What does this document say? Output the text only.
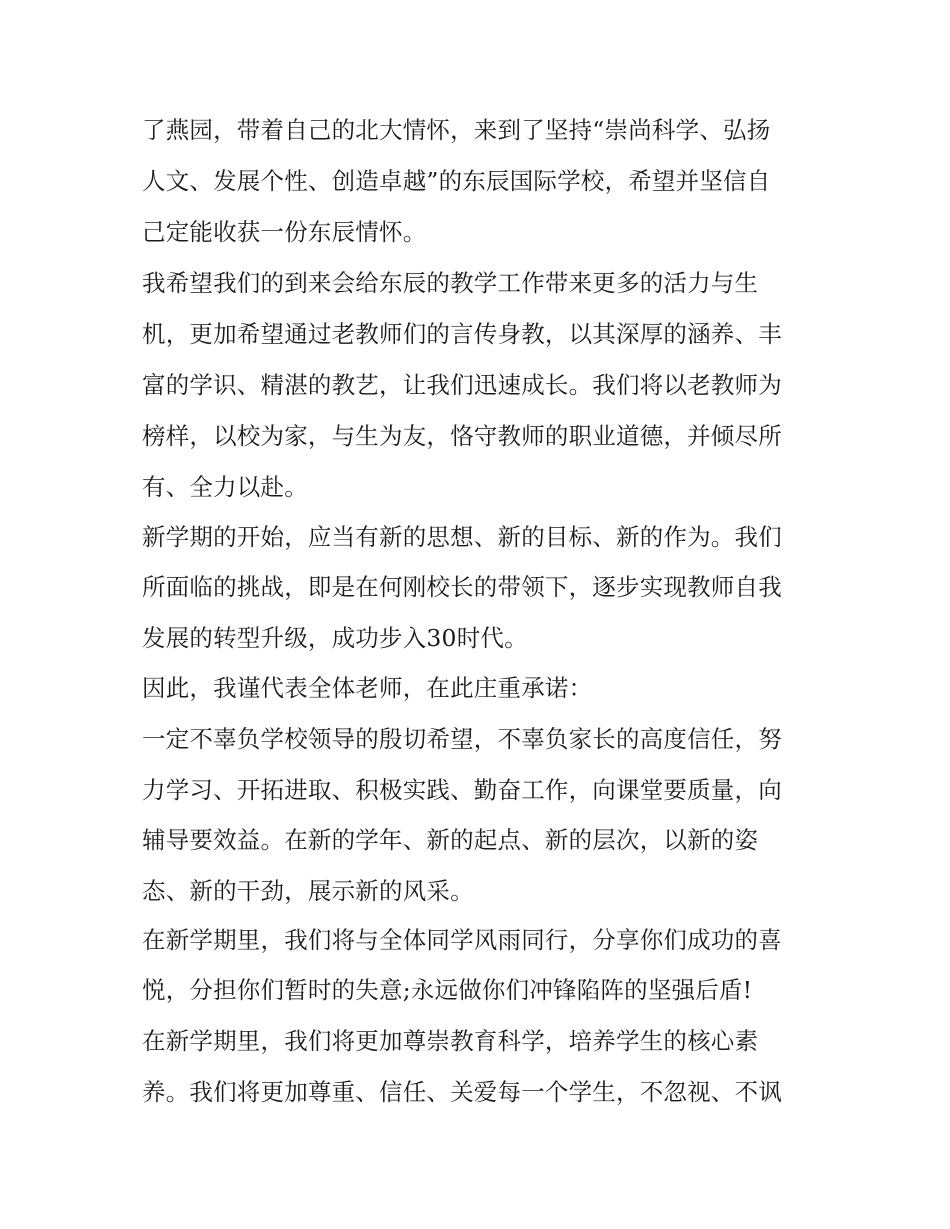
了燕园，带着自己的北大情怀，来到了坚持“崇尚科学、弘扬
人文、发展个性、创造卓越”的东辰国际学校，希望并坚信自
己定能收获一份东辰情怀。
我希望我们的到来会给东辰的教学工作带来更多的活力与生
机，更加希望通过老教师们的言传身教，以其深厚的涵养、丰
富的学识、精湛的教艺，让我们迅速成长。我们将以老教师为
榜样，以校为家，与生为友，恪守教师的职业道德，并倾尽所
有、全力以赴。
新学期的开始，应当有新的思想、新的目标、新的作为。我们
所面临的挑战，即是在何刚校长的带领下，逐步实现教师自我
发展的转型升级，成功步入30时代。
因此，我谨代表全体老师，在此庄重承诺：
一定不辜负学校领导的殷切希望，不辜负家长的高度信任，努
力学习、开拓进取、积极实践、勤奋工作，向课堂要质量，向
辅导要效益。在新的学年、新的起点、新的层次，以新的姿
态、新的干劲，展示新的风采。
在新学期里，我们将与全体同学风雨同行，分享你们成功的喜
悦，分担你们暂时的失意;永远做你们冲锋陷阵的坚强后盾!
在新学期里，我们将更加尊崇教育科学，培养学生的核心素
养。我们将更加尊重、信任、关爱每一个学生，不忽视、不讽
